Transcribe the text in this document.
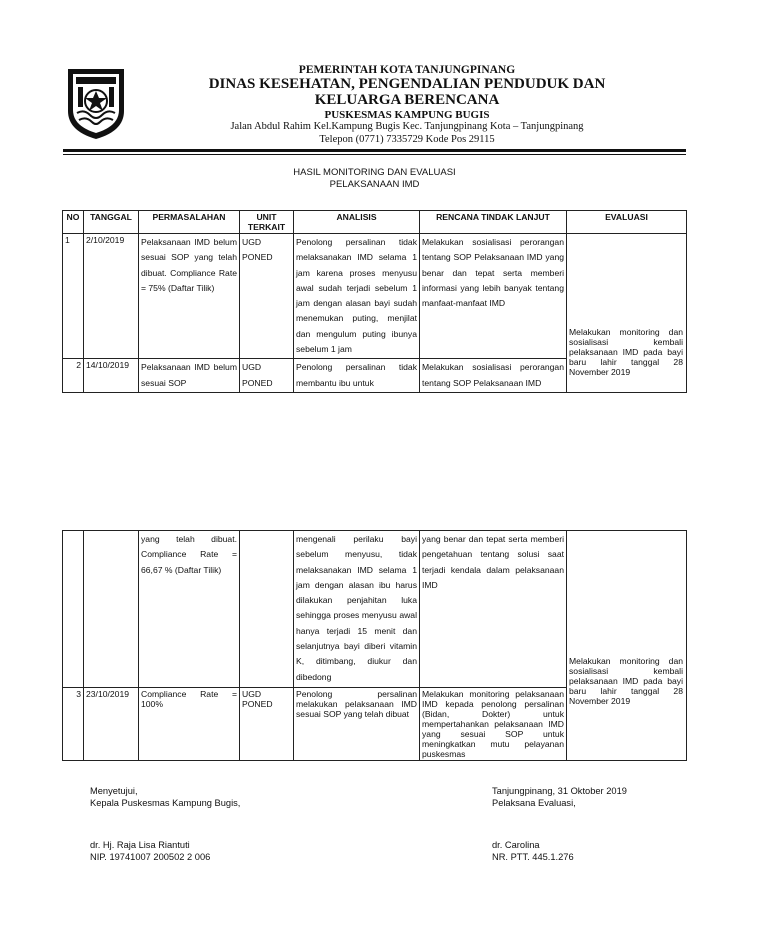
PEMERINTAH KOTA TANJUNGPINANG
DINAS KESEHATAN, PENGENDALIAN PENDUDUK DAN
KELUARGA BERENCANA
PUSKESMAS KAMPUNG BUGIS
Jalan Abdul Rahim Kel.Kampung Bugis Kec. Tanjungpinang Kota – Tanjungpinang
Telepon (0771) 7335729 Kode Pos 29115
HASIL MONITORING DAN EVALUASI
PELAKSANAAN IMD
NO	TANGGAL	PERMASALAHAN	UNIT TERKAIT	ANALISIS	RENCANA TINDAK LANJUT	EVALUASI
1	2/10/2019	Pelaksanaan IMD belum sesuai SOP yang telah dibuat. Compliance Rate = 75% (Daftar Tilik)	UGD PONED	Penolong persalinan tidak melaksanakan IMD selama 1 jam karena proses menyusu awal sudah terjadi sebelum 1 jam dengan alasan bayi sudah menemukan puting, menjilat dan mengulum puting ibunya sebelum 1 jam	Melakukan sosialisasi perorangan tentang SOP Pelaksanaan IMD yang benar dan tepat serta memberi informasi yang lebih banyak tentang manfaat-manfaat IMD	Melakukan monitoring dan sosialisasi kembali pelaksanaan IMD pada bayi baru lahir tanggal 28 November 2019

2	14/10/2019	Pelaksanaan IMD belum sesuai SOP	UGD PONED	Penolong persalinan tidak membantu ibu untuk	Melakukan sosialisasi perorangan tentang SOP Pelaksanaan IMD	
		yang telah dibuat. Compliance Rate = 66,67 % (Daftar Tilik)		mengenali perilaku bayi sebelum menyusu, tidak melaksanakan IMD selama 1 jam dengan alasan ibu harus dilakukan penjahitan luka sehingga proses menyusu awal hanya terjadi 15 menit dan selanjutnya bayi diberi vitamin K, ditimbang, diukur dan dibedong	yang benar dan tepat serta memberi pengetahuan tentang solusi saat terjadi kendala dalam pelaksanaan IMD	Melakukan monitoring dan sosialisasi kembali pelaksanaan IMD pada bayi baru lahir tanggal 28 November 2019

3	23/10/2019	Compliance Rate = 100%	UGD PONED	Penolong persalinan melakukan pelaksanaan IMD sesuai SOP yang telah dibuat	Melakukan monitoring pelaksanaan IMD kepada penolong persalinan (Bidan, Dokter) untuk mempertahankan pelaksanaan IMD yang sesuai SOP untuk meningkatkan mutu pelayanan puskesmas	
Menyetujui,
Kepala Puskesmas Kampung Bugis,
Tanjungpinang, 31 Oktober 2019
Pelaksana Evaluasi,
dr. Hj. Raja Lisa Riantuti
NIP. 19741007 200502 2 006
dr. Carolina
NR. PTT. 445.1.276
